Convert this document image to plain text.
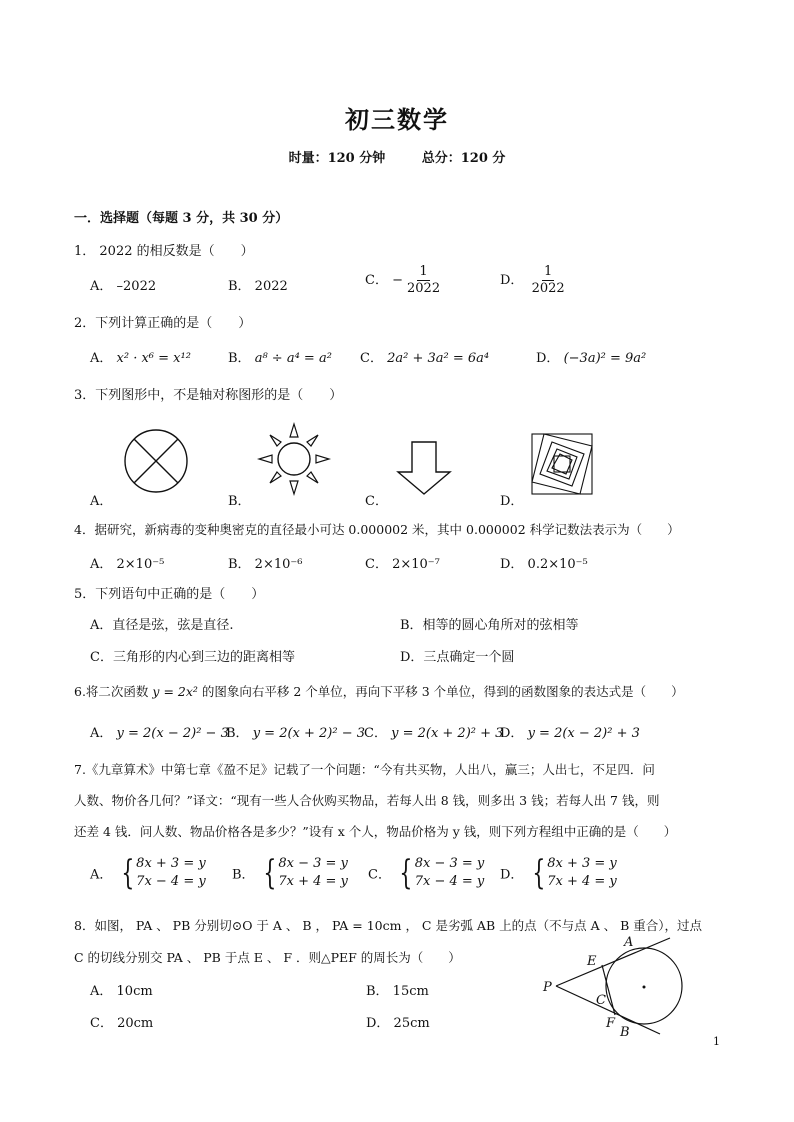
初三数学
时量：120 分钟	总分：120 分
一．选择题（每题 3 分，共 30 分）
1． 2022 的相反数是（　　）
A． –2022	B． 2022	C． − $\frac{1}{2022}$	D． $\frac{1}{2022}$
2．下列计算正确的是（　　）
A． x² · x⁶ = x¹²	B． a⁸ ÷ a⁴ = a² C． 2a² + 3a² = 6a⁴	D． (−3a)² = 9a²
3．下列图形中，不是轴对称图形的是（　　）
A．	B．	C．	D．
4．据研究，新病毒的变种奥密克的直径最小可达 0.000002 米，其中 0.000002 科学记数法表示为（　　）
A． 2×10⁻⁵	B． 2×10⁻⁶	C． 2×10⁻⁷	D． 0.2×10⁻⁵
5．下列语句中正确的是（　　）
A．直径是弦，弦是直径.	B．相等的圆心角所对的弦相等
C．三角形的内心到三边的距离相等	D．三点确定一个圆
6.将二次函数 y = 2x² 的图象向右平移 2 个单位，再向下平移 3 个单位，得到的函数图象的表达式是（　　）
A． y = 2(x − 2)² − 3
B． y = 2(x + 2)² − 3
C． y = 2(x + 2)² + 3
D． y = 2(x − 2)² + 3
7.《九章算术》中第七章《盈不足》记载了一个问题：“今有共买物，人出八，赢三；人出七，不足四．问
人数、物价各几何？”译文：“现有一些人合伙购买物品，若每人出 8 钱，则多出 3 钱；若每人出 7 钱，则
还差 4 钱．问人数、物品价格各是多少？”设有 x 个人，物品价格为 y 钱，则下列方程组中正确的是（　　）
A． { 8x + 3 = y
7x − 4 = y B． { 8x − 3 = y
7x + 4 = y C． { 8x − 3 = y
7x − 4 = y D． { 8x + 3 = y
7x + 4 = y
8．如图， PA 、 PB 分别切⊙O 于 A 、 B ， PA = 10cm ， C 是劣弧 AB 上的点（不与点 A 、 B 重合），过点
C 的切线分别交 PA 、 PB 于点 E 、 F ．则△PEF 的周长为（　　）
A． 10cm	B． 15cm
C． 20cm	D． 25cm
A
E
P
C
F
B
1
